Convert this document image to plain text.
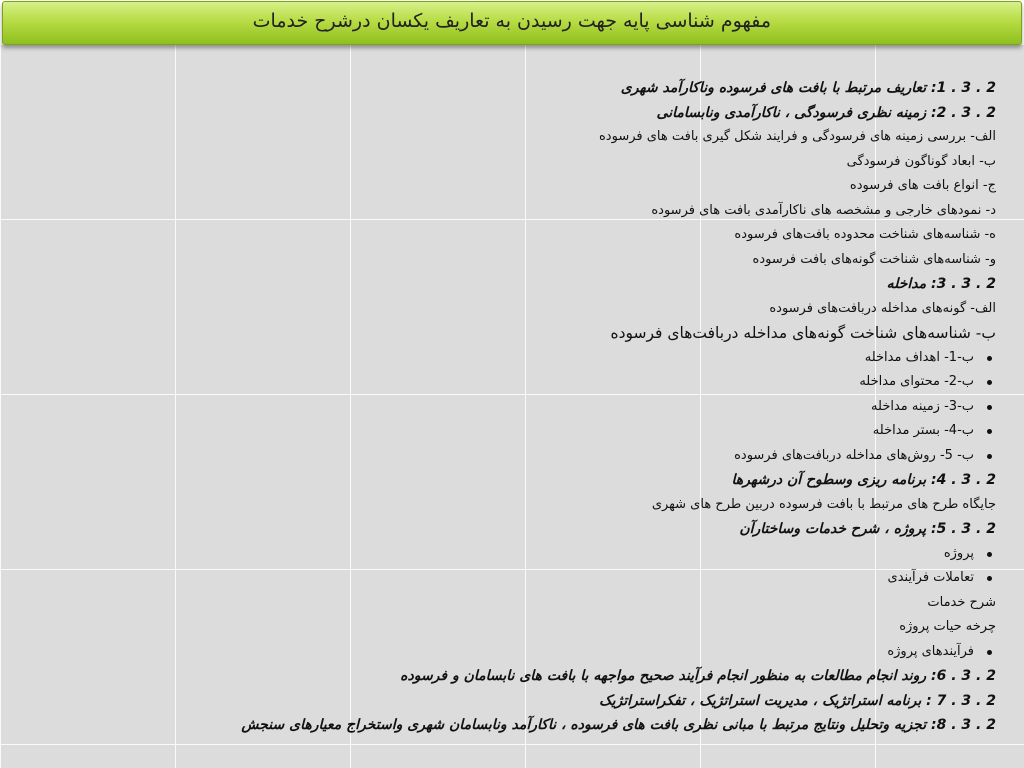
مفهوم شناسی پایه جهت رسیدن به تعاریف یکسان درشرح خدمات
2 . 3 . 1: تعاریف مرتبط با بافت های فرسوده وناکارآمد شهری
2 . 3 . 2: زمینه نظری فرسودگی ، ناکارآمدی ونابسامانی
الف- بررسی زمینه های فرسودگی و فرایند شکل گیری بافت های فرسوده
ب- ابعاد گوناگون فرسودگی
ج- انواع بافت های فرسوده
د- نمودهای خارجی و مشخصه های ناکارآمدی بافت های فرسوده
ه- شناسه‌های شناخت محدوده بافت‌های فرسوده
و- شناسه‌های شناخت گونه‌های بافت فرسوده
2 . 3 . 3: مداخله
الف- گونه‌های مداخله دربافت‌های فرسوده
ب- شناسه‌های شناخت گونه‌های مداخله دربافت‌های فرسوده
ب-1- اهداف مداخله
ب-2- محتوای مداخله
ب-3- زمینه مداخله
ب-4- بستر مداخله
ب- 5- روش‌های مداخله دربافت‌های فرسوده
2 . 3 . 4: برنامه ریزی وسطوح آن درشهرها
جایگاه طرح های مرتبط با بافت فرسوده دربین طرح های شهری
2 . 3 . 5: پروژه ، شرح خدمات وساختارآن
پروژه
تعاملات فرآیندی
شرح خدمات
چرخه حیات پروژه
فرآیندهای پروژه
2 . 3 . 6: روند انجام مطالعات به منظور انجام فرآیند صحیح مواجهه با بافت های نابسامان و فرسوده
2 . 3 . 7 : برنامه استراتژیک ، مدیریت استراتژیک ، تفکراستراتژیک
2 . 3 . 8: تجزیه وتحلیل ونتایج مرتبط با مبانی نظری بافت های فرسوده ، ناکارآمد ونابسامان شهری واستخراج معیارهای سنجش
